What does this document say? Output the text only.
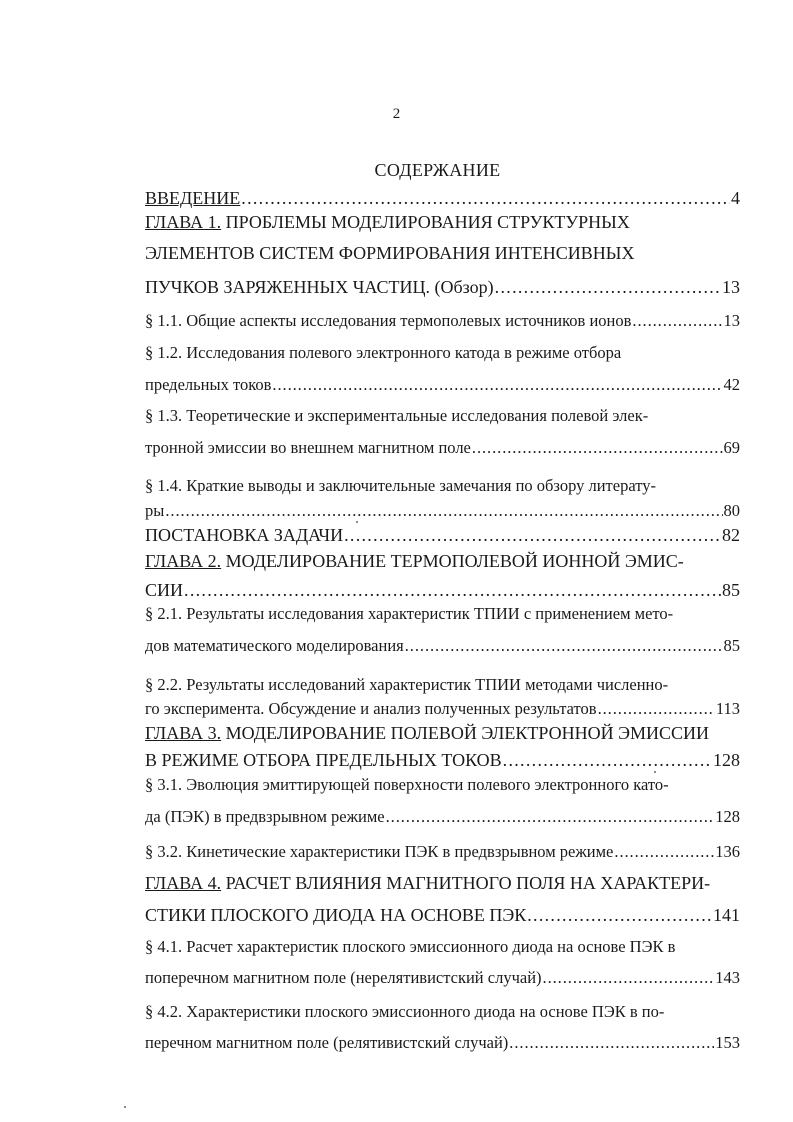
2
СОДЕРЖАНИЕ
ВВЕДЕНИЕ . . .	4
ГЛАВА 1. ПРОБЛЕМЫ МОДЕЛИРОВАНИЯ СТРУКТУРНЫХ
ЭЛЕМЕНТОВ СИСТЕМ ФОРМИРОВАНИЯ ИНТЕНСИВНЫХ
ПУЧКОВ ЗАРЯЖЕННЫХ ЧАСТИЦ. (Обзор) . . .	13
§ 1.1. Общие аспекты исследования термополевых источников ионов . . .	13
§ 1.2. Исследования полевого электронного катода в режиме отбора
предельных токов . . .	42
§ 1.3. Теоретические и экспериментальные исследования полевой элек-
тронной эмиссии во внешнем магнитном поле . . .	69
§ 1.4. Краткие выводы и заключительные замечания по обзору литерату-
ры . . .	80
ПОСТАНОВКА ЗАДАЧИ . . .	82
ГЛАВА 2. МОДЕЛИРОВАНИЕ ТЕРМОПОЛЕВОЙ ИОННОЙ ЭМИС-
СИИ . . .	85
§ 2.1. Результаты исследования характеристик ТПИИ с применением мето-
дов математического моделирования . . .	85
§ 2.2. Результаты исследований характеристик ТПИИ методами численно-
го эксперимента. Обсуждение и анализ полученных результатов . . .	113
ГЛАВА 3. МОДЕЛИРОВАНИЕ ПОЛЕВОЙ ЭЛЕКТРОННОЙ ЭМИССИИ
В РЕЖИМЕ ОТБОРА ПРЕДЕЛЬНЫХ ТОКОВ . . .	128
§ 3.1. Эволюция эмиттирующей поверхности полевого электронного като-
да (ПЭК) в предвзрывном режиме . . .	128
§ 3.2. Кинетические характеристики ПЭК в предвзрывном режиме . . .	136
ГЛАВА 4. РАСЧЕТ ВЛИЯНИЯ МАГНИТНОГО ПОЛЯ НА ХАРАКТЕРИ-
СТИКИ ПЛОСКОГО ДИОДА НА ОСНОВЕ ПЭК . . .	141
§ 4.1. Расчет характеристик плоского эмиссионного диода на основе ПЭК в
поперечном магнитном поле (нерелятивистский случай) . . .	143
§ 4.2. Характеристики плоского эмиссионного диода на основе ПЭК в по-
перечном магнитном поле (релятивистский случай) . . .	153
